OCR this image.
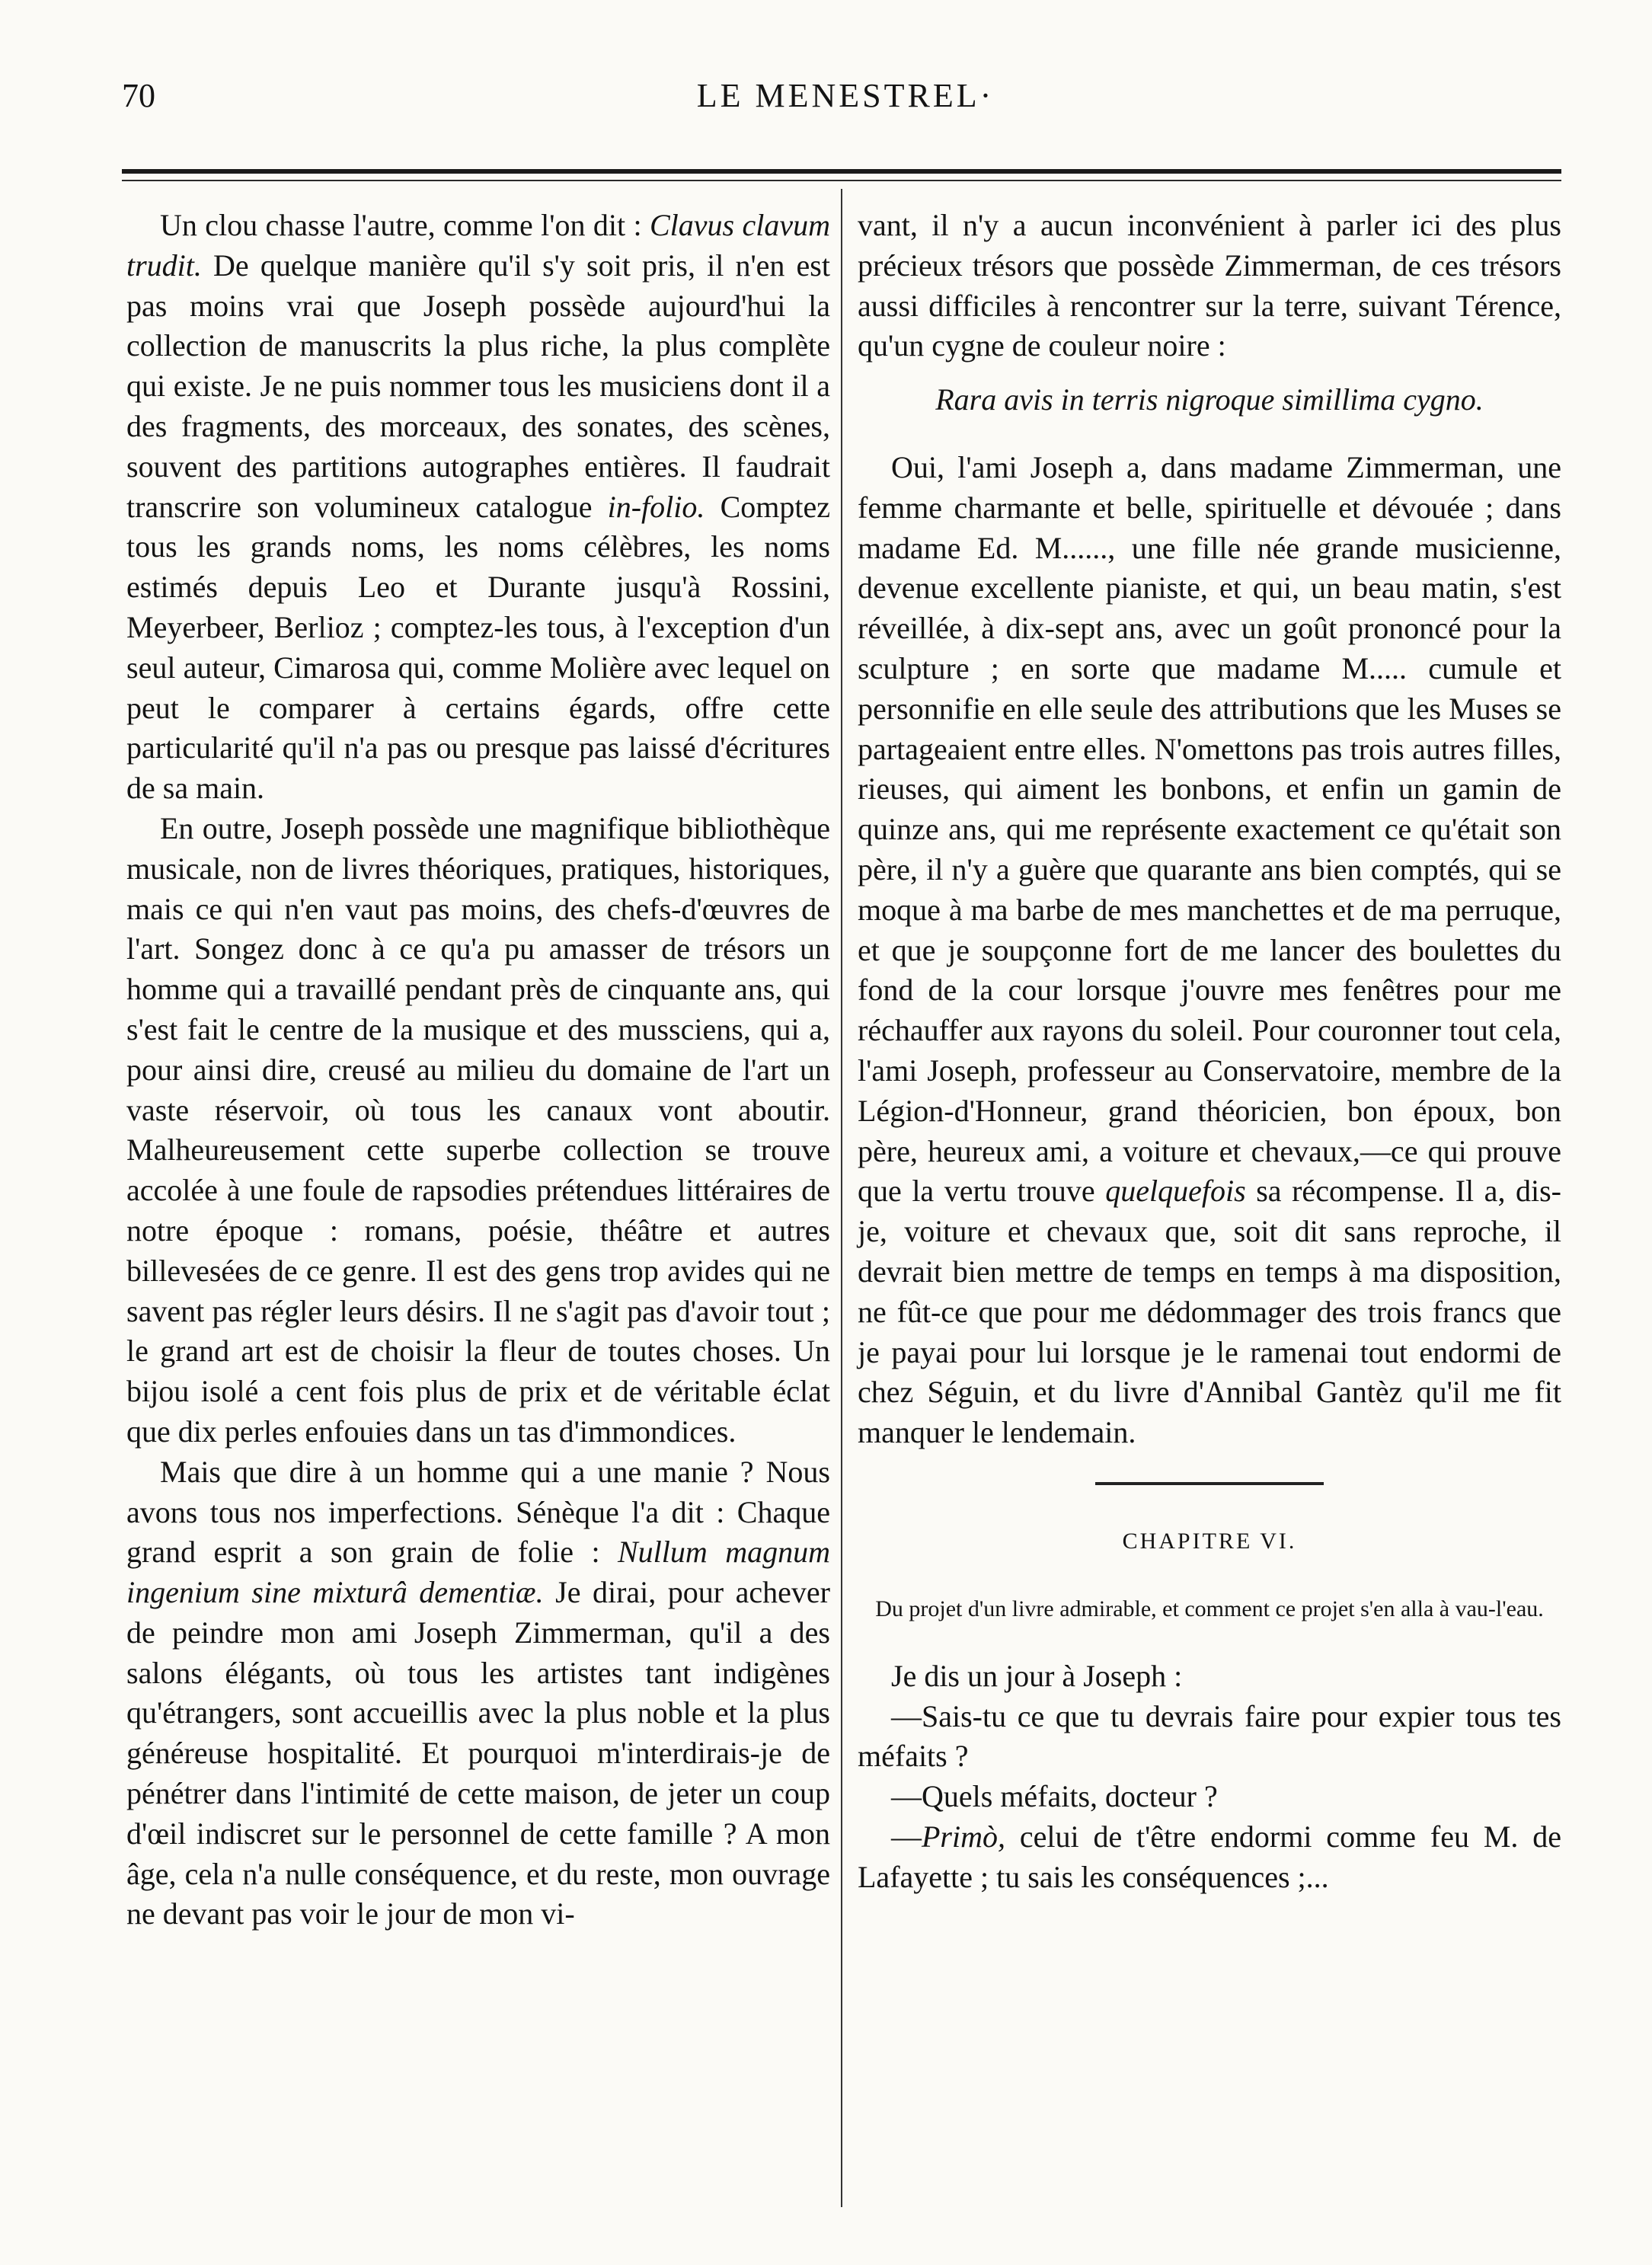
70	LE MENESTREL·

Un clou chasse l'autre, comme l'on dit : Clavus clavum trudit. De quelque manière qu'il s'y soit pris, il n'en est pas moins vrai que Joseph possède aujourd'hui la collection de manuscrits la plus riche, la plus complète qui existe. Je ne puis nommer tous les musiciens dont il a des fragments, des morceaux, des sonates, des scènes, souvent des partitions autographes entières. Il faudrait transcrire son volumineux catalogue in-folio. Comptez tous les grands noms, les noms célèbres, les noms estimés depuis Leo et Durante jusqu'à Rossini, Meyerbeer, Berlioz ; comptez-les tous, à l'exception d'un seul auteur, Cimarosa qui, comme Molière avec lequel on peut le comparer à certains égards, offre cette particularité qu'il n'a pas ou presque pas laissé d'écritures de sa main.

En outre, Joseph possède une magnifique bibliothèque musicale, non de livres théoriques, pratiques, historiques, mais ce qui n'en vaut pas moins, des chefs-d'œuvres de l'art. Songez donc à ce qu'a pu amasser de trésors un homme qui a travaillé pendant près de cinquante ans, qui s'est fait le centre de la musique et des mussciens, qui a, pour ainsi dire, creusé au milieu du domaine de l'art un vaste réservoir, où tous les canaux vont aboutir. Malheureusement cette superbe collection se trouve accolée à une foule de rapsodies prétendues littéraires de notre époque : romans, poésie, théâtre et autres billevesées de ce genre. Il est des gens trop avides qui ne savent pas régler leurs désirs. Il ne s'agit pas d'avoir tout ; le grand art est de choisir la fleur de toutes choses. Un bijou isolé a cent fois plus de prix et de véritable éclat que dix perles enfouies dans un tas d'immondices.

Mais que dire à un homme qui a une manie ? Nous avons tous nos imperfections. Sénèque l'a dit : Chaque grand esprit a son grain de folie : Nullum magnum ingenium sine mixturâ dementiæ. Je dirai, pour achever de peindre mon ami Joseph Zimmerman, qu'il a des salons élégants, où tous les artistes tant indigènes qu'étrangers, sont accueillis avec la plus noble et la plus généreuse hospitalité. Et pourquoi m'interdirais-je de pénétrer dans l'intimité de cette maison, de jeter un coup d'œil indiscret sur le personnel de cette famille ? A mon âge, cela n'a nulle conséquence, et du reste, mon ouvrage ne devant pas voir le jour de mon vi-

vant, il n'y a aucun inconvénient à parler ici des plus précieux trésors que possède Zimmerman, de ces trésors aussi difficiles à rencontrer sur la terre, suivant Térence, qu'un cygne de couleur noire :

Rara avis in terris nigroque simillima cygno.

Oui, l'ami Joseph a, dans madame Zimmerman, une femme charmante et belle, spirituelle et dévouée ; dans madame Ed. M......, une fille née grande musicienne, devenue excellente pianiste, et qui, un beau matin, s'est réveillée, à dix-sept ans, avec un goût prononcé pour la sculpture ; en sorte que madame M..... cumule et personnifie en elle seule des attributions que les Muses se partageaient entre elles. N'omettons pas trois autres filles, rieuses, qui aiment les bonbons, et enfin un gamin de quinze ans, qui me représente exactement ce qu'était son père, il n'y a guère que quarante ans bien comptés, qui se moque à ma barbe de mes manchettes et de ma perruque, et que je soupçonne fort de me lancer des boulettes du fond de la cour lorsque j'ouvre mes fenêtres pour me réchauffer aux rayons du soleil. Pour couronner tout cela, l'ami Joseph, professeur au Conservatoire, membre de la Légion-d'Honneur, grand théoricien, bon époux, bon père, heureux ami, a voiture et chevaux,—ce qui prouve que la vertu trouve quelquefois sa récompense. Il a, dis-je, voiture et chevaux que, soit dit sans reproche, il devrait bien mettre de temps en temps à ma disposition, ne fût-ce que pour me dédommager des trois francs que je payai pour lui lorsque je le ramenai tout endormi de chez Séguin, et du livre d'Annibal Gantèz qu'il me fit manquer le lendemain.

CHAPITRE VI.

Du projet d'un livre admirable, et comment ce projet s'en alla à vau-l'eau.

Je dis un jour à Joseph :

—Sais-tu ce que tu devrais faire pour expier tous tes méfaits ?

—Quels méfaits, docteur ?

—Primò, celui de t'être endormi comme feu M. de Lafayette ; tu sais les conséquences ;...
